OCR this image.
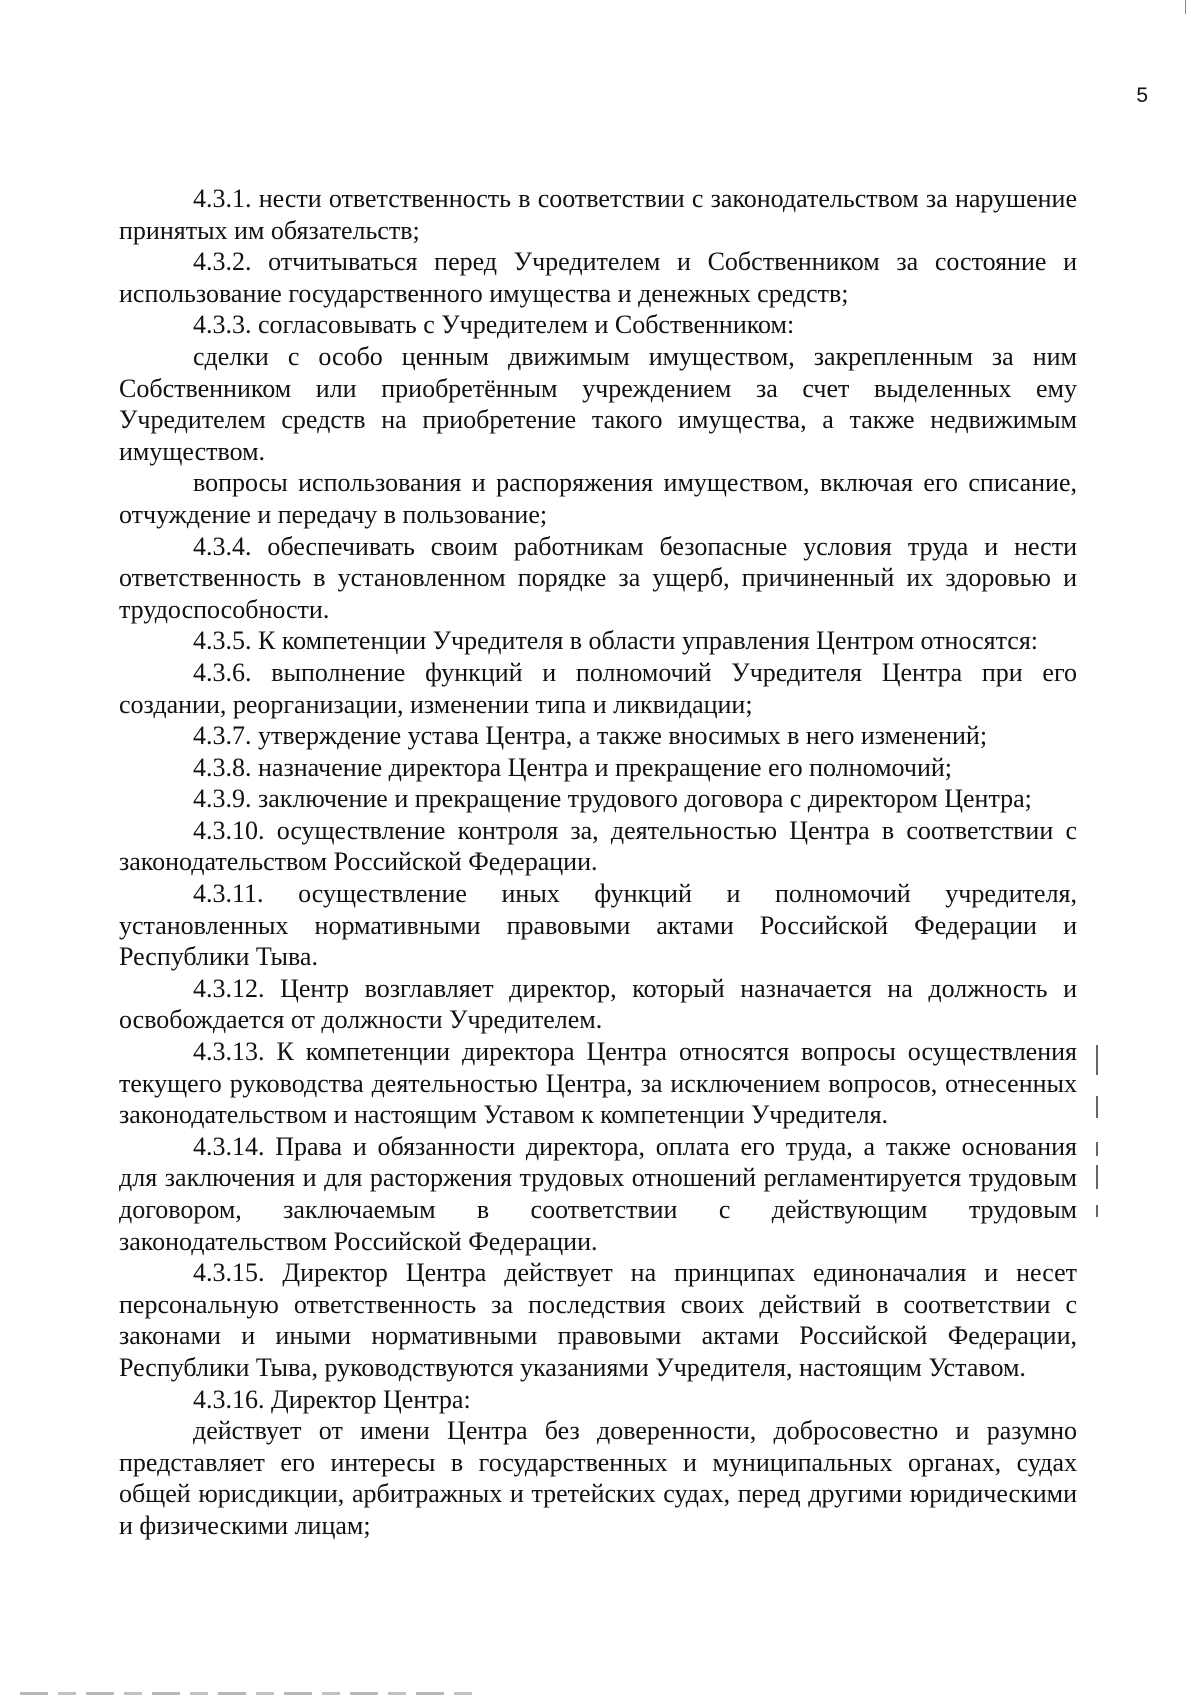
5

4.3.1. нести ответственность в соответствии с законодательством за нарушение принятых им обязательств;

4.3.2. отчитываться перед Учредителем и Собственником за состояние и использование государственного имущества и денежных средств;

4.3.3. согласовывать с Учредителем и Собственником:

сделки с особо ценным движимым имуществом, закрепленным за ним Собственником или приобретённым учреждением за счет выделенных ему Учредителем средств на приобретение такого имущества, а также недвижимым имуществом.

вопросы использования и распоряжения имуществом, включая его списание, отчуждение и передачу в пользование;

4.3.4. обеспечивать своим работникам безопасные условия труда и нести ответственность в установленном порядке за ущерб, причиненный их здоровью и трудоспособности.

4.3.5. К компетенции Учредителя в области управления Центром относятся:

4.3.6. выполнение функций и полномочий Учредителя Центра при его создании, реорганизации, изменении типа и ликвидации;

4.3.7. утверждение устава Центра, а также вносимых в него изменений;

4.3.8. назначение директора Центра и прекращение его полномочий;

4.3.9. заключение и прекращение трудового договора с директором Центра;

4.3.10. осуществление контроля за, деятельностью Центра в соответствии с законодательством Российской Федерации.

4.3.11. осуществление иных функций и полномочий учредителя, установленных нормативными правовыми актами Российской Федерации и Республики Тыва.

4.3.12. Центр возглавляет директор, который назначается на должность и освобождается от должности Учредителем.

4.3.13. К компетенции директора Центра относятся вопросы осуществления текущего руководства деятельностью Центра, за исключением вопросов, отнесенных законодательством и настоящим Уставом к компетенции Учредителя.

4.3.14. Права и обязанности директора, оплата его труда, а также основания для заключения и для расторжения трудовых отношений регламентируется трудовым договором, заключаемым в соответствии с действующим трудовым законодательством Российской Федерации.

4.3.15. Директор Центра действует на принципах единоначалия и несет персональную ответственность за последствия своих действий в соответствии с законами и иными нормативными правовыми актами Российской Федерации, Республики Тыва, руководствуются указаниями Учредителя, настоящим Уставом.

4.3.16. Директор Центра:

действует от имени Центра без доверенности, добросовестно и разумно представляет его интересы в государственных и муниципальных органах, судах общей юрисдикции, арбитражных и третейских судах, перед другими юридическими и физическими лицам;
